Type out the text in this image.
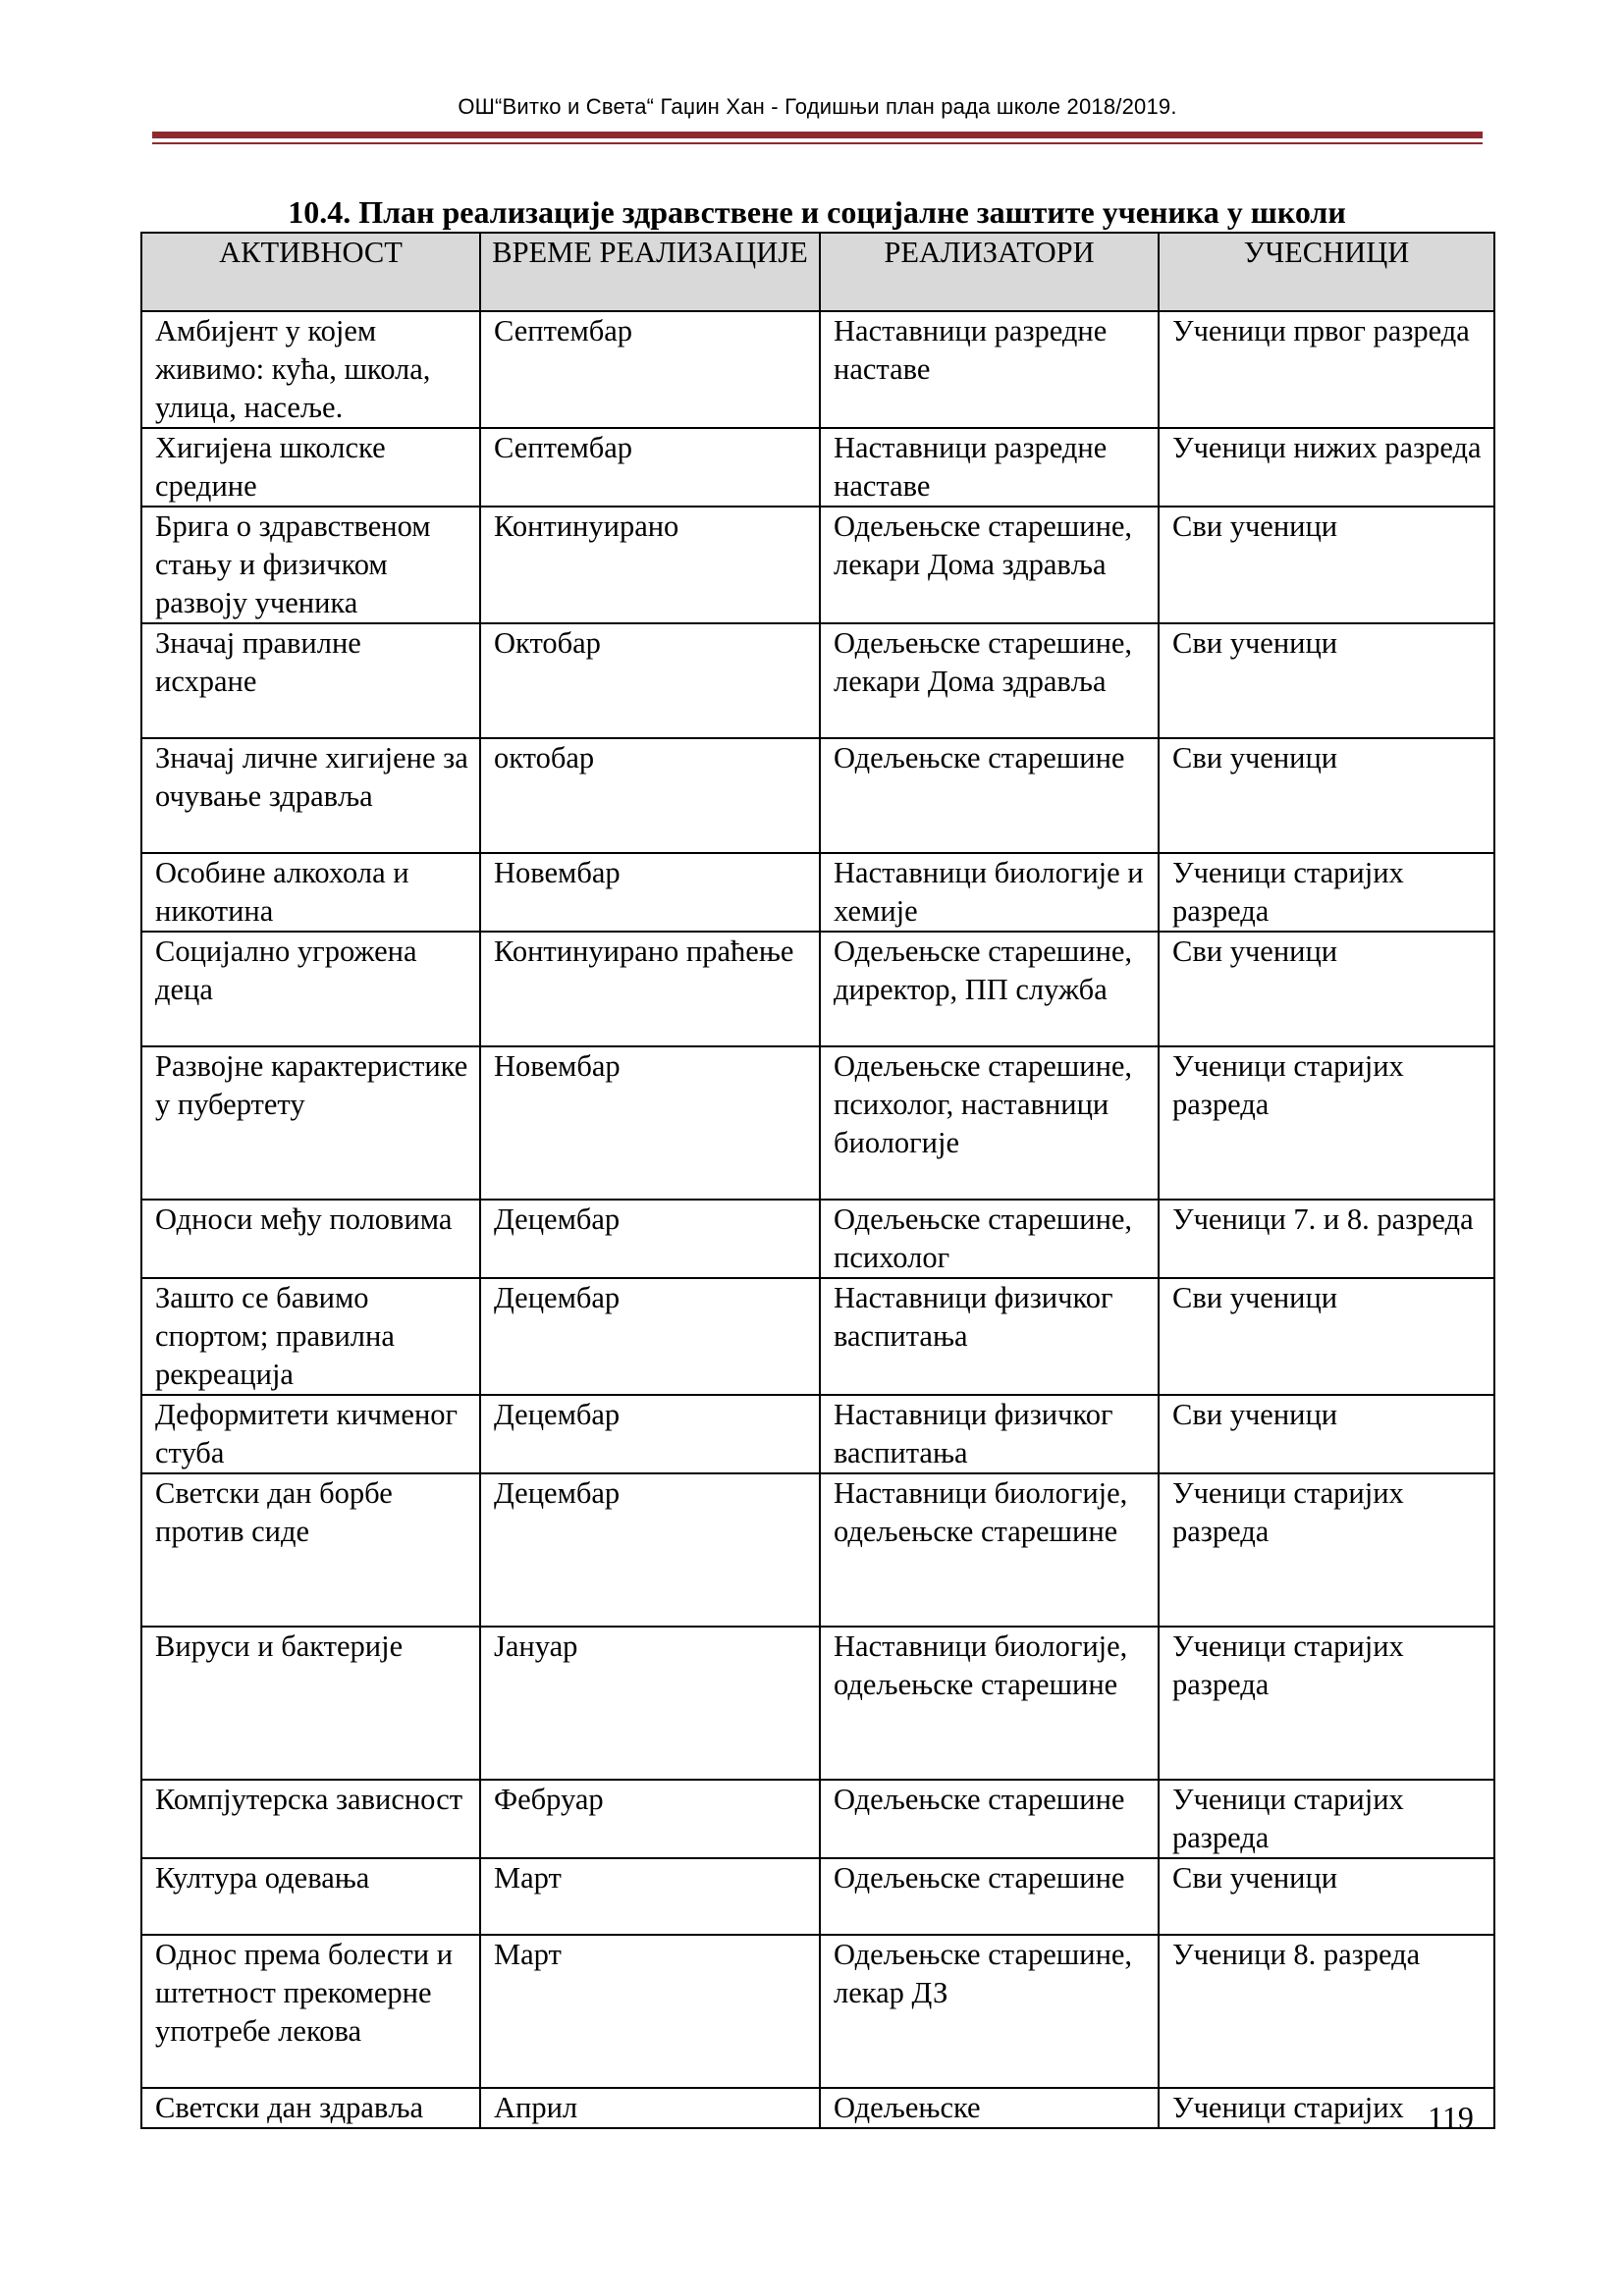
ОШ“Витко и Света“ Гаџин Хан - Годишњи план рада школе 2018/2019.
10.4. План реализације здравствене и социјалне заштите ученика у школи
АКТИВНОСТ	ВРЕМЕ РЕАЛИЗАЦИЈЕ	РЕАЛИЗАТОРИ	УЧЕСНИЦИ
Амбијент у којем живимо: кућа, школа, улица, насеље.	Септембар	Наставници разредне наставе	Ученици првог разреда
Хигијена школске средине	Септембар	Наставници разредне наставе	Ученици нижих разреда
Брига о здравственом стању и физичком развоју ученика	Континуирано	Одељењске старешине, лекари Дома здравља	Сви ученици
Значај правилне исхране	Октобар	Одељењске старешине, лекари Дома здравља	Сви ученици
Значај личне хигијене за очување здравља	октобар	Одељењске старешине	Сви ученици
Особине алкохола и никотина	Новембар	Наставници биологије и хемије	Ученици старијих разреда
Социјално угрожена деца	Континуирано праћење	Одељењске старешине, директор, ПП служба	Сви ученици
Развојне карактеристике у пубертету	Новембар	Одељењске старешине, психолог, наставници биологије	Ученици старијих разреда
Односи међу половима	Децембар	Одељењске старешине, психолог	Ученици 7. и 8. разреда
Зашто се бавимо спортом; правилна рекреација	Децембар	Наставници физичког васпитања	Сви ученици
Деформитети кичменог стуба	Децембар	Наставници физичког васпитања	Сви ученици
Светски дан борбе против сиде	Децембар	Наставници биологије, одељењске старешине	Ученици старијих разреда
Вируси и бактерије	Јануар	Наставници биологије, одељењске старешине	Ученици старијих разреда
Компјутерска зависност	Фебруар	Одељењске старешине	Ученици старијих разреда
Култура одевања	Март	Одељењске старешине	Сви ученици
Однос према болести и штетност прекомерне употребе лекова	Март	Одељењске старешине, лекар ДЗ	Ученици 8. разреда
Светски дан здравља	Април	Одељењске	Ученици старијих 119
